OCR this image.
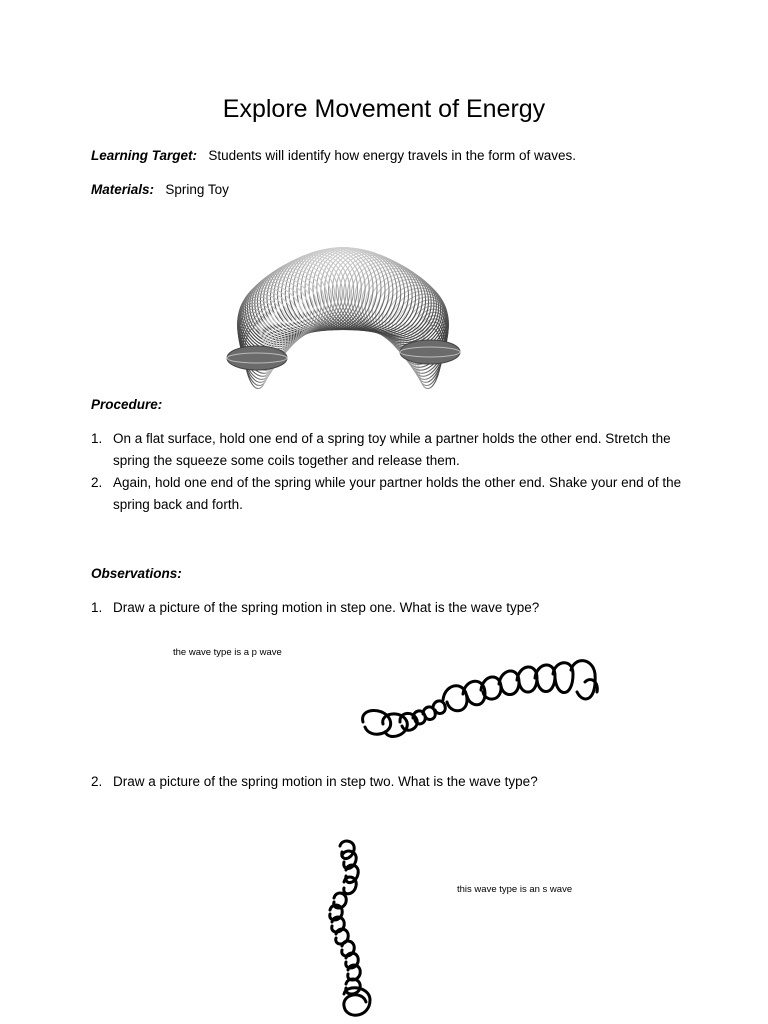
Explore Movement of Energy
Learning Target: Students will identify how energy travels in the form of waves.
Materials: Spring Toy
Procedure:
1. On a flat surface, hold one end of a spring toy while a partner holds the other end. Stretch the spring the squeeze some coils together and release them.
2. Again, hold one end of the spring while your partner holds the other end. Shake your end of the spring back and forth.
Observations:
1. Draw a picture of the spring motion in step one. What is the wave type?
the wave type is a p wave
2. Draw a picture of the spring motion in step two. What is the wave type?
this wave type is an s wave
